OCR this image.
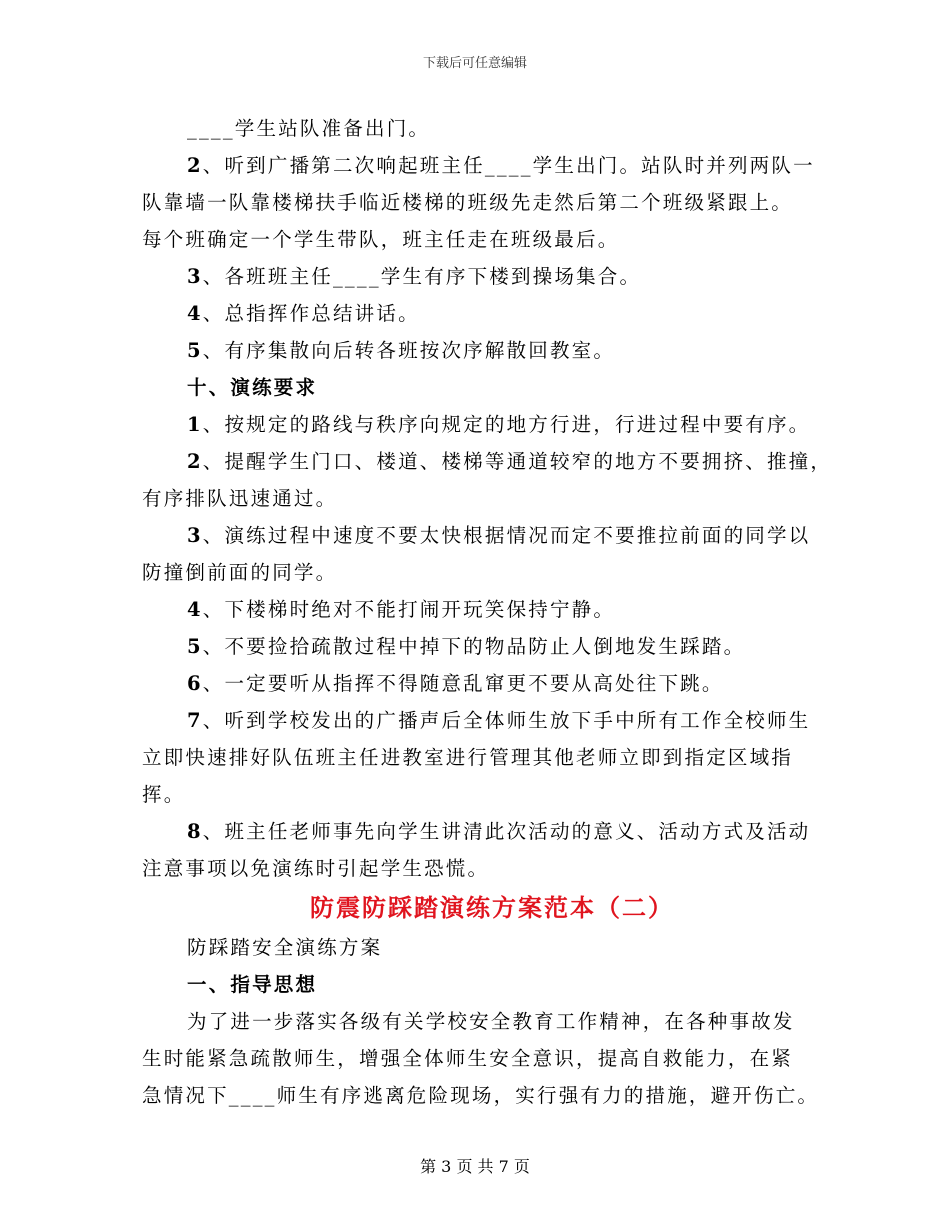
下载后可任意编辑
____学生站队准备出门。
2、听到广播第二次响起班主任____学生出门。站队时并列两队一
队靠墙一队靠楼梯扶手临近楼梯的班级先走然后第二个班级紧跟上。
每个班确定一个学生带队，班主任走在班级最后。
3、各班班主任____学生有序下楼到操场集合。
4、总指挥作总结讲话。
5、有序集散向后转各班按次序解散回教室。
十、演练要求
1、按规定的路线与秩序向规定的地方行进，行进过程中要有序。
2、提醒学生门口、楼道、楼梯等通道较窄的地方不要拥挤、推撞，
有序排队迅速通过。
3、演练过程中速度不要太快根据情况而定不要推拉前面的同学以
防撞倒前面的同学。
4、下楼梯时绝对不能打闹开玩笑保持宁静。
5、不要捡拾疏散过程中掉下的物品防止人倒地发生踩踏。
6、一定要听从指挥不得随意乱窜更不要从高处往下跳。
7、听到学校发出的广播声后全体师生放下手中所有工作全校师生
立即快速排好队伍班主任进教室进行管理其他老师立即到指定区域指
挥。
8、班主任老师事先向学生讲清此次活动的意义、活动方式及活动
注意事项以免演练时引起学生恐慌。
防震防踩踏演练方案范本（二）
防踩踏安全演练方案
一、指导思想
为了进一步落实各级有关学校安全教育工作精神，在各种事故发
生时能紧急疏散师生，增强全体师生安全意识，提高自救能力，在紧
急情况下____师生有序逃离危险现场，实行强有力的措施，避开伤亡。
第 3 页 共 7 页
